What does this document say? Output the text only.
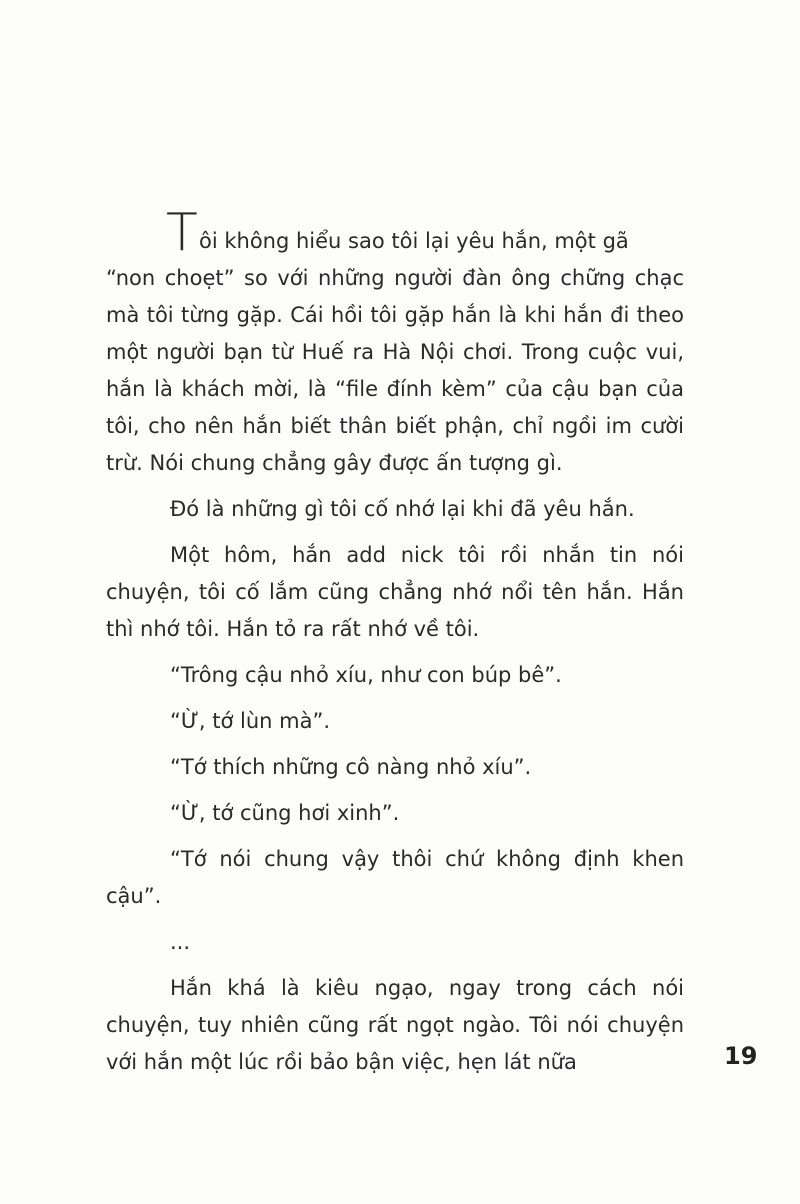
T ôi không hiểu sao tôi lại yêu hắn, một gã
“non choẹt” so với những người đàn ông chững chạc mà tôi từng gặp. Cái hồi tôi gặp hắn là khi hắn đi theo một người bạn từ Huế ra Hà Nội chơi. Trong cuộc vui, hắn là khách mời, là “file đính kèm” của cậu bạn của tôi, cho nên hắn biết thân biết phận, chỉ ngồi im cười trừ. Nói chung chẳng gây được ấn tượng gì.

Đó là những gì tôi cố nhớ lại khi đã yêu hắn.

Một hôm, hắn add nick tôi rồi nhắn tin nói chuyện, tôi cố lắm cũng chẳng nhớ nổi tên hắn. Hắn thì nhớ tôi. Hắn tỏ ra rất nhớ về tôi.

“Trông cậu nhỏ xíu, như con búp bê”.

“Ừ, tớ lùn mà”.

“Tớ thích những cô nàng nhỏ xíu”.

“Ừ, tớ cũng hơi xinh”.

“Tớ nói chung vậy thôi chứ không định khen cậu”.

...

Hắn khá là kiêu ngạo, ngay trong cách nói chuyện, tuy nhiên cũng rất ngọt ngào. Tôi nói chuyện với hắn một lúc rồi bảo bận việc, hẹn lát nữa	19
